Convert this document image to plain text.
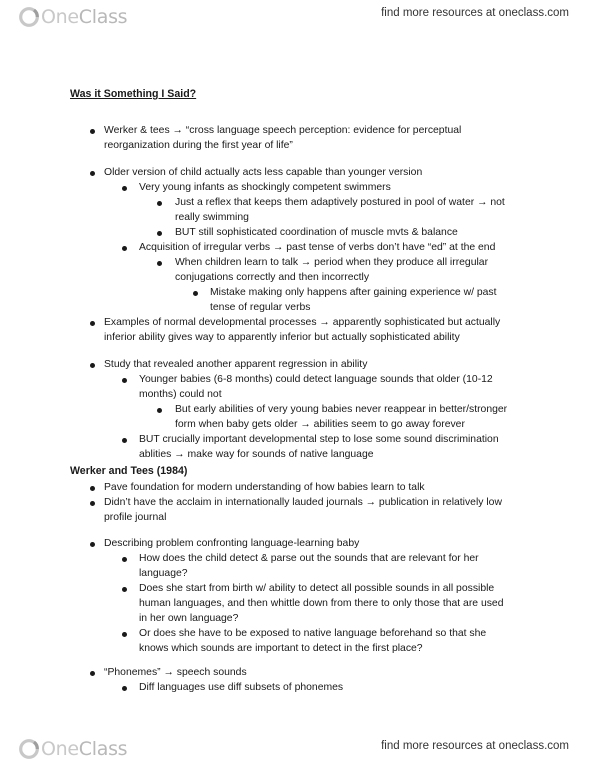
OneClass	find more resources at oneclass.com
Was it Something I Said?
Werker & tees → “cross language speech perception: evidence for perceptual
reorganization during the first year of life”
Older version of child actually acts less capable than younger version
Very young infants as shockingly competent swimmers
Just a reflex that keeps them adaptively postured in pool of water → not
really swimming
BUT still sophisticated coordination of muscle mvts & balance
Acquisition of irregular verbs → past tense of verbs don’t have “ed” at the end
When children learn to talk → period when they produce all irregular
conjugations correctly and then incorrectly
Mistake making only happens after gaining experience w/ past
tense of regular verbs
Examples of normal developmental processes → apparently sophisticated but actually
inferior ability gives way to apparently inferior but actually sophisticated ability
Study that revealed another apparent regression in ability
Younger babies (6-8 months) could detect language sounds that older (10-12
months) could not
But early abilities of very young babies never reappear in better/stronger
form when baby gets older → abilities seem to go away forever
BUT crucially important developmental step to lose some sound discrimination
ablities → make way for sounds of native language
Werker and Tees (1984)
Pave foundation for modern understanding of how babies learn to talk
Didn’t have the acclaim in internationally lauded journals → publication in relatively low
profile journal
Describing problem confronting language-learning baby
How does the child detect & parse out the sounds that are relevant for her
language?
Does she start from birth w/ ability to detect all possible sounds in all possible
human languages, and then whittle down from there to only those that are used
in her own language?
Or does she have to be exposed to native language beforehand so that she
knows which sounds are important to detect in the first place?
“Phonemes” → speech sounds
Diff languages use diff subsets of phonemes
OneClass	find more resources at oneclass.com
